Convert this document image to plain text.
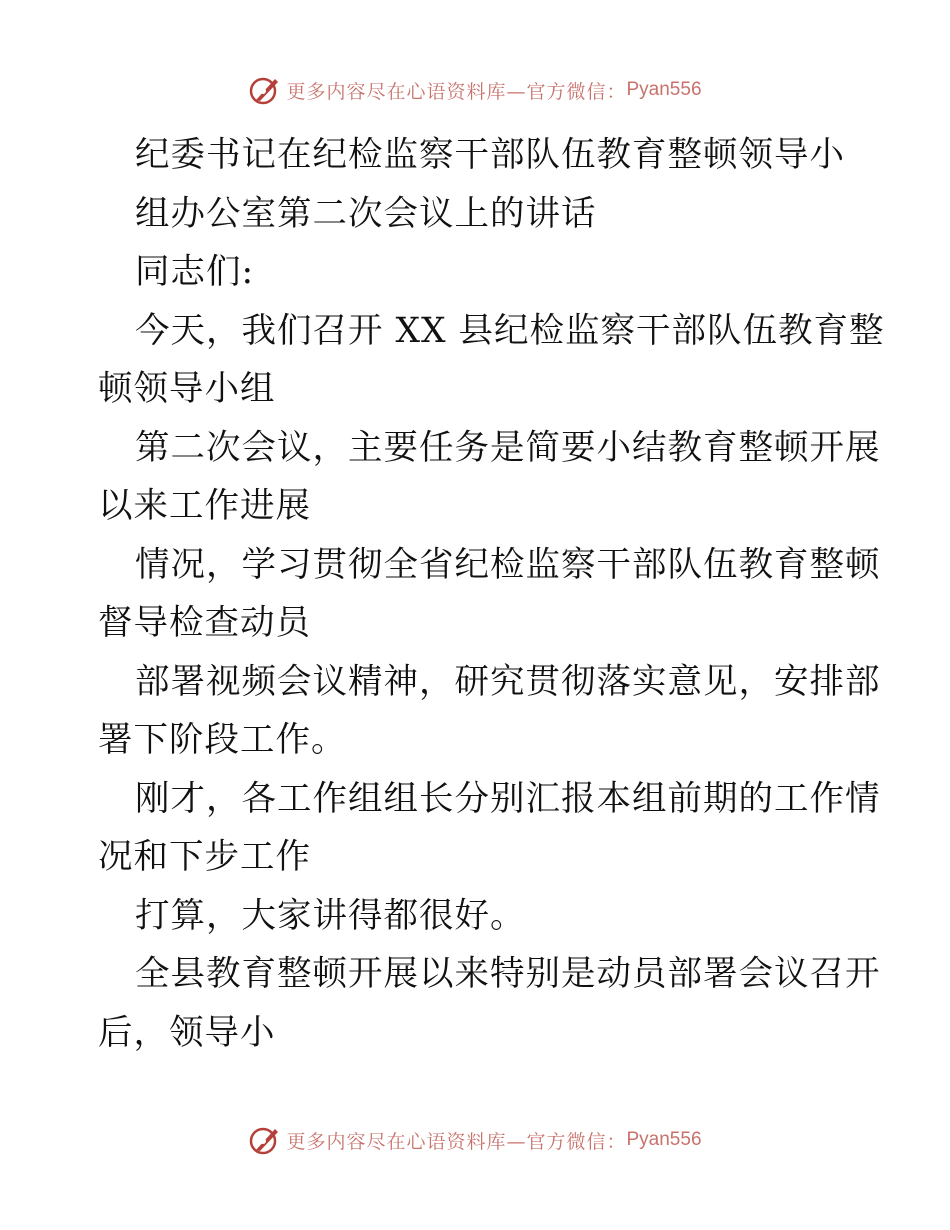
更多内容尽在心语资料库—官方微信： Pyan556
纪委书记在纪检监察干部队伍教育整顿领导小
组办公室第二次会议上的讲话
同志们:
今天，我们召开 XX 县纪检监察干部队伍教育整
顿领导小组
第二次会议，主要任务是简要小结教育整顿开展
以来工作进展
情况，学习贯彻全省纪检监察干部队伍教育整顿
督导检查动员
部署视频会议精神，研究贯彻落实意见，安排部
署下阶段工作。
刚才，各工作组组长分别汇报本组前期的工作情
况和下步工作
打算，大家讲得都很好。
全县教育整顿开展以来特别是动员部署会议召开
后，领导小
更多内容尽在心语资料库—官方微信： Pyan556
